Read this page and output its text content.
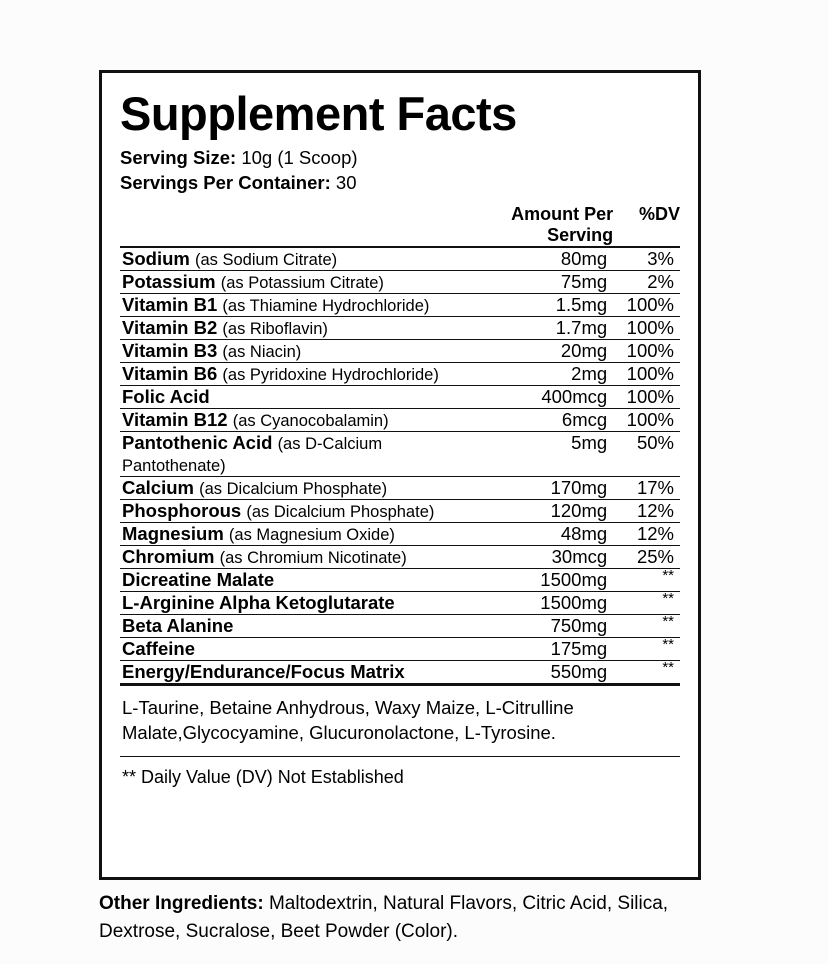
Supplement Facts
Serving Size: 10g (1 Scoop)
Servings Per Container: 30
	Amount Per Serving	%DV
Sodium (as Sodium Citrate)	80mg	3%
Potassium (as Potassium Citrate)	75mg	2%
Vitamin B1 (as Thiamine Hydrochloride)	1.5mg	100%
Vitamin B2 (as Riboflavin)	1.7mg	100%
Vitamin B3 (as Niacin)	20mg	100%
Vitamin B6 (as Pyridoxine Hydrochloride)	2mg	100%
Folic Acid	400mcg	100%
Vitamin B12 (as Cyanocobalamin)	6mcg	100%
Pantothenic Acid (as D-Calcium Pantothenate)	5mg	50%
Calcium (as Dicalcium Phosphate)	170mg	17%
Phosphorous (as Dicalcium Phosphate)	120mg	12%
Magnesium (as Magnesium Oxide)	48mg	12%
Chromium (as Chromium Nicotinate)	30mcg	25%
Dicreatine Malate	1500mg	**
L-Arginine Alpha Ketoglutarate	1500mg	**
Beta Alanine	750mg	**
Caffeine	175mg	**
Energy/Endurance/Focus Matrix	550mg	**
L-Taurine, Betaine Anhydrous, Waxy Maize, L-Citrulline Malate,Glycocyamine, Glucuronolactone, L-Tyrosine.
** Daily Value (DV) Not Established
Other Ingredients: Maltodextrin, Natural Flavors, Citric Acid, Silica, Dextrose, Sucralose, Beet Powder (Color).
